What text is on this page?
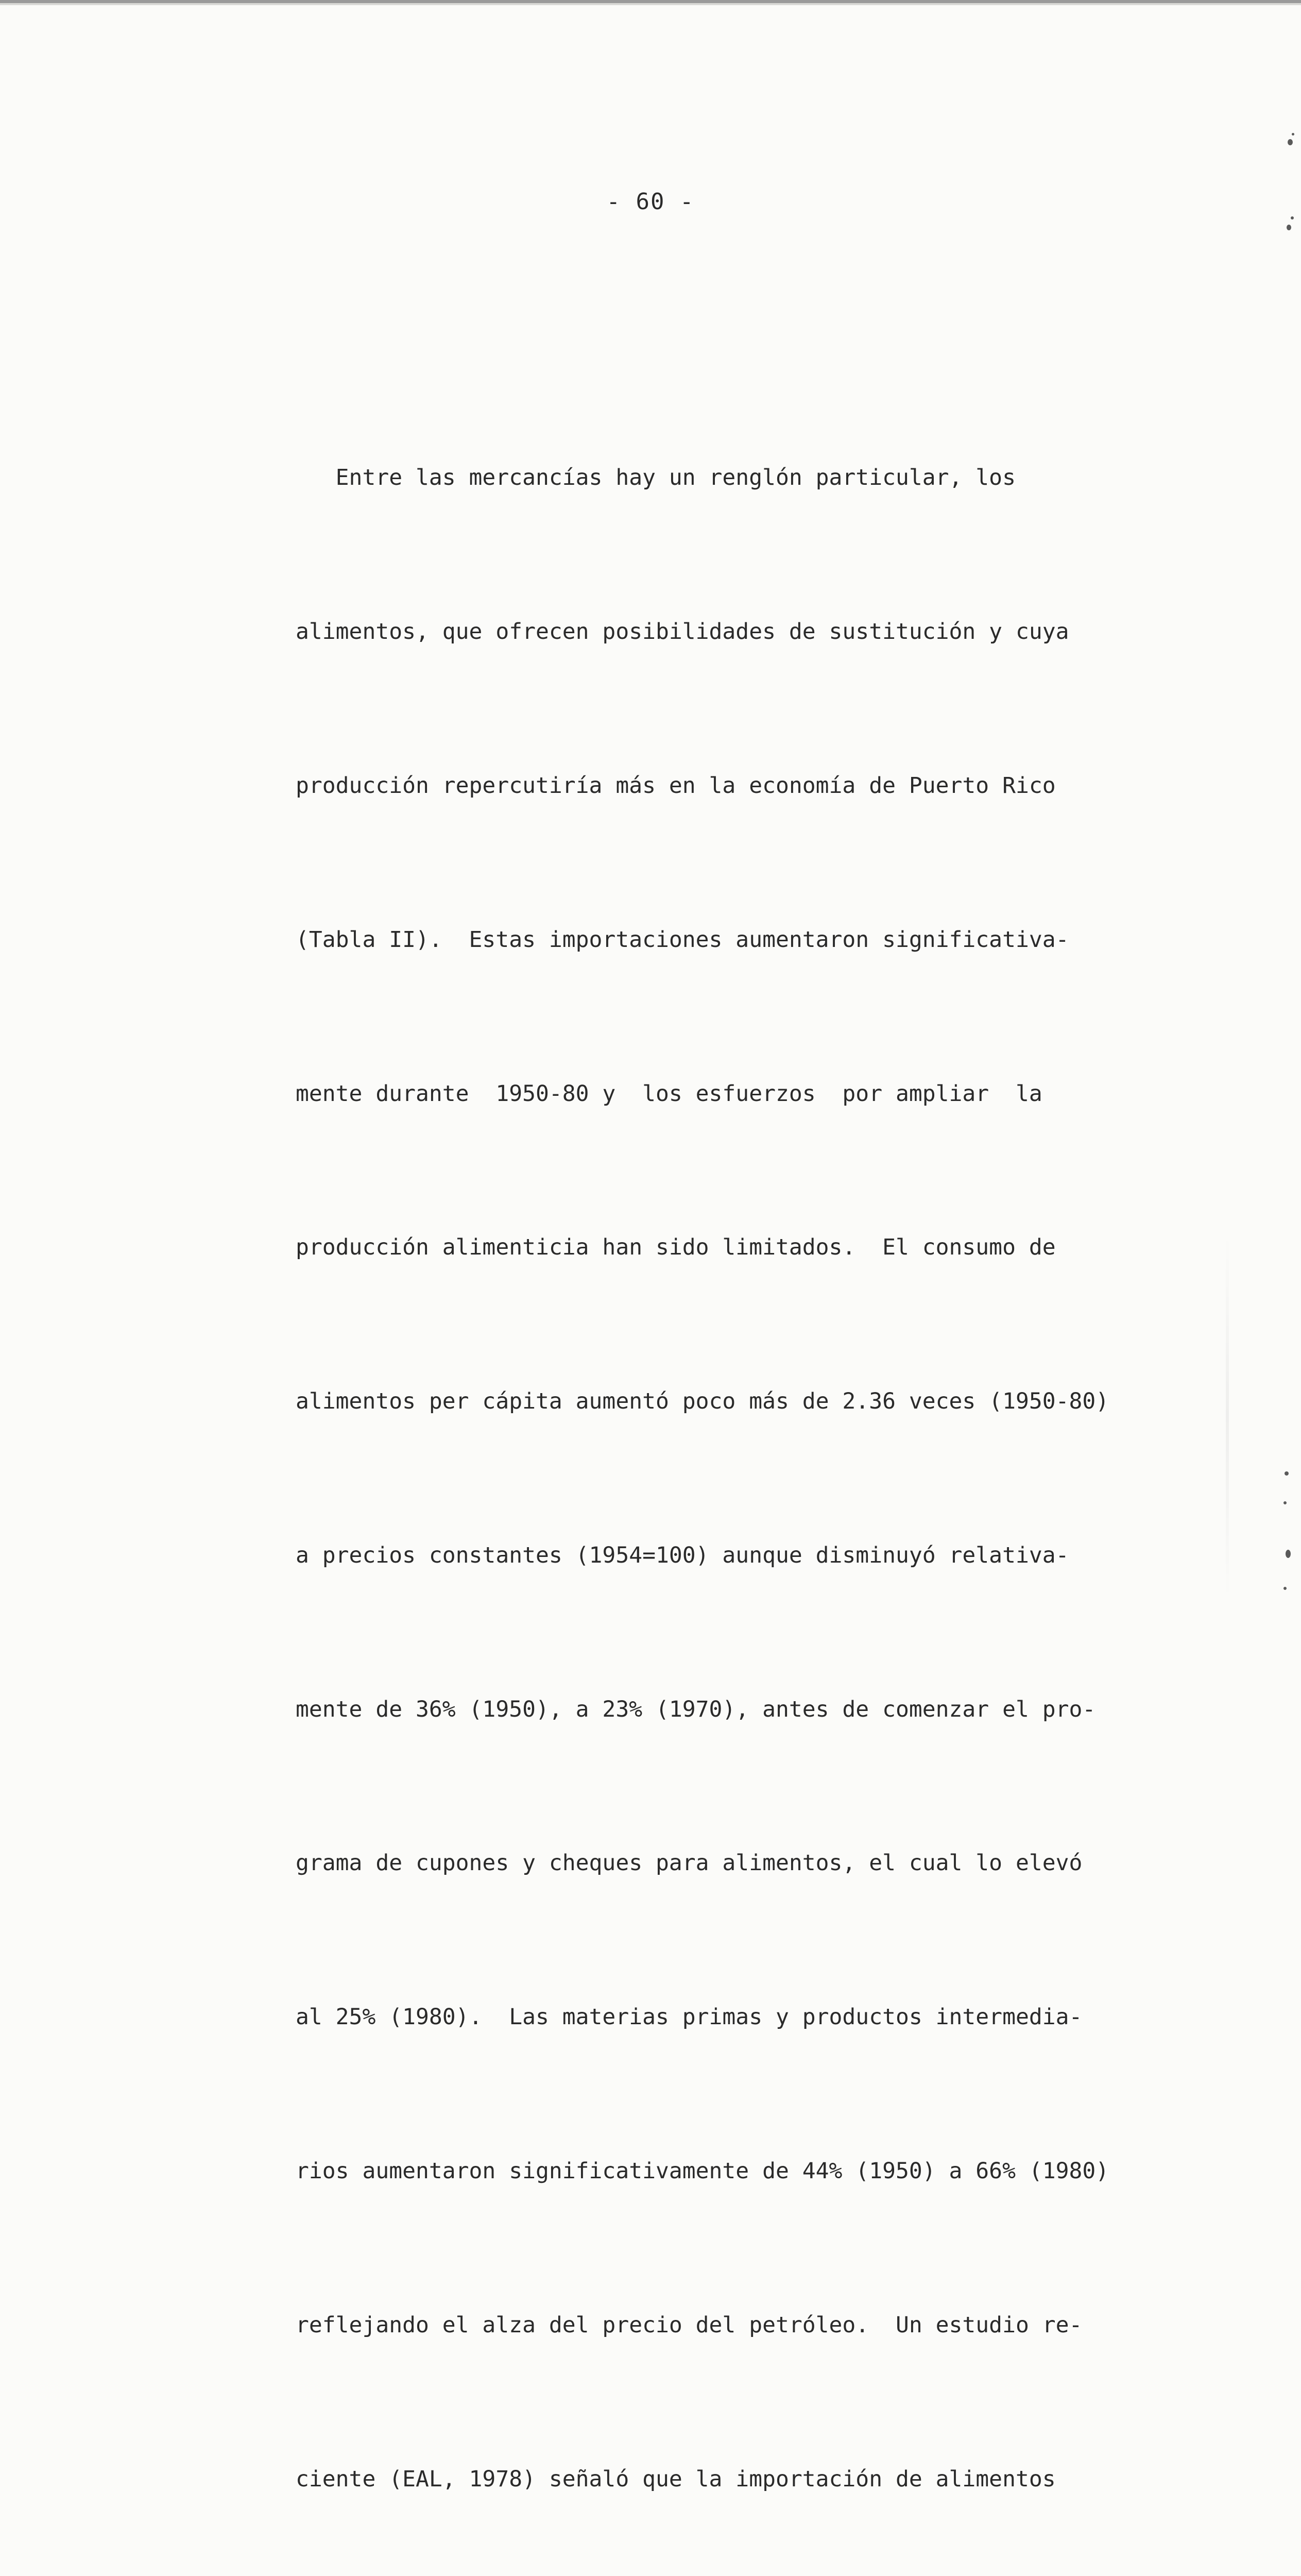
- 60 -

Entre las mercancías hay un renglón particular, los

alimentos, que ofrecen posibilidades de sustitución y cuya

producción repercutiría más en la economía de Puerto Rico

(Tabla II).  Estas importaciones aumentaron significativa-

mente durante  1950-80 y  los esfuerzos  por ampliar  la

producción alimenticia han sido limitados.  El consumo de

alimentos per cápita aumentó poco más de 2.36 veces (1950-80)

a precios constantes (1954=100) aunque disminuyó relativa-

mente de 36% (1950), a 23% (1970), antes de comenzar el pro-

grama de cupones y cheques para alimentos, el cual lo elevó

al 25% (1980).  Las materias primas y productos intermedia-

rios aumentaron significativamente de 44% (1950) a 66% (1980)

reflejando el alza del precio del petróleo.  Un estudio re-

ciente (EAL, 1978) señaló que la importación de alimentos
